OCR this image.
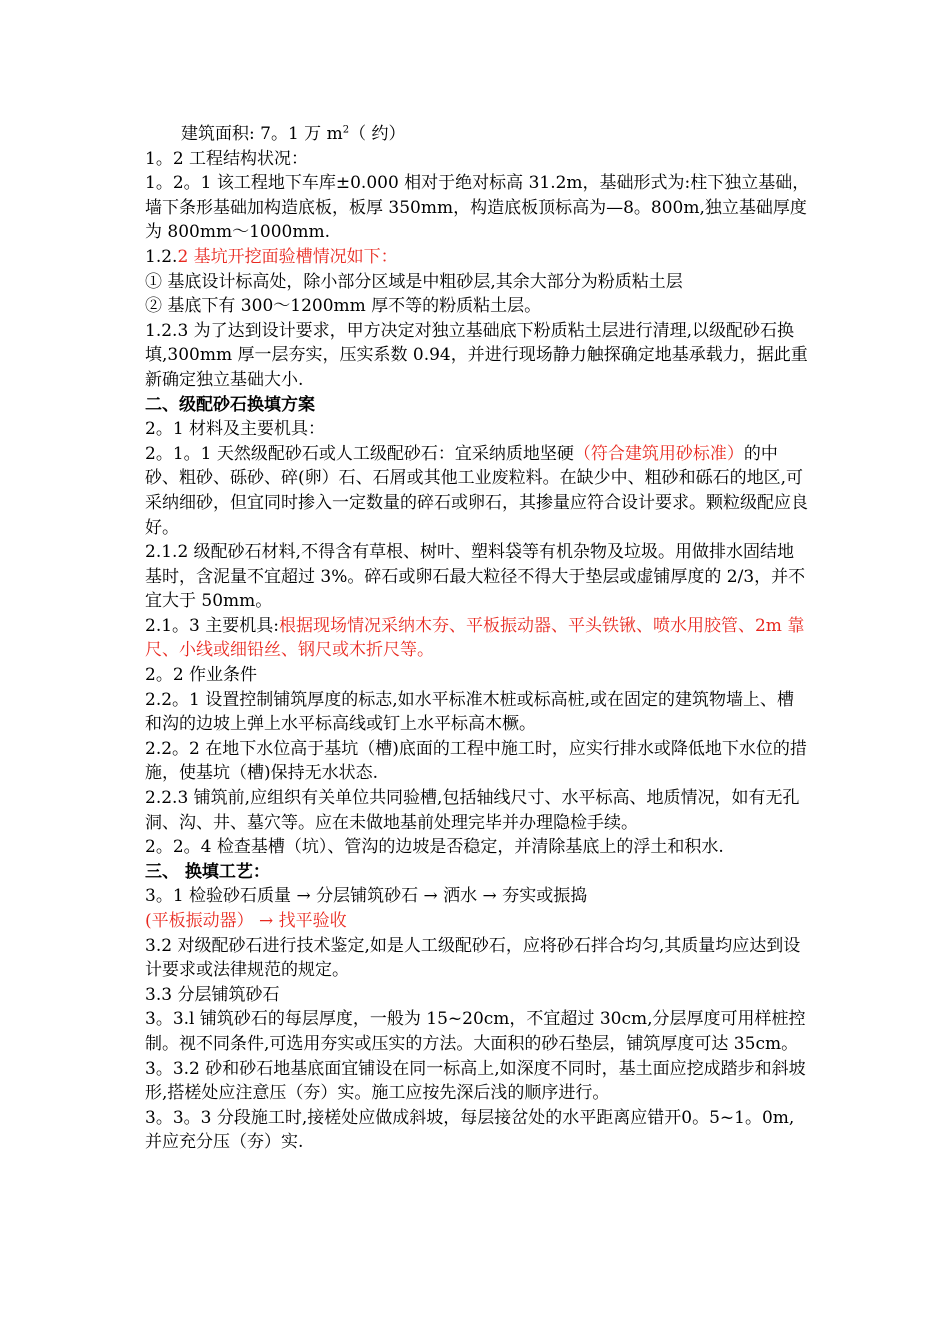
建筑面积: 7。1 万 $m^2$（ 约）

1。2 工程结构状况：

1。2。1 该工程地下车库±0.000 相对于绝对标高 31.2m，基础形式为:柱下独立基础，墙下条形基础加构造底板，板厚 350mm，构造底板顶标高为—8。800m,独立基础厚度为 800mm～1000mm.

1.2.2 基坑开挖面验槽情况如下：

① 基底设计标高处，除小部分区域是中粗砂层,其余大部分为粉质粘土层

② 基底下有 300～1200mm 厚不等的粉质粘土层。

1.2.3 为了达到设计要求，甲方决定对独立基础底下粉质粘土层进行清理,以级配砂石换填,300mm 厚一层夯实，压实系数 0.94，并进行现场静力触探确定地基承载力，据此重新确定独立基础大小.

二、级配砂石换填方案

2。1 材料及主要机具：

2。1。1 天然级配砂石或人工级配砂石：宜采纳质地坚硬（符合建筑用砂标准）的中砂、粗砂、砾砂、碎(卵）石、石屑或其他工业废粒料。在缺少中、粗砂和砾石的地区,可采纳细砂，但宜同时掺入一定数量的碎石或卵石，其掺量应符合设计要求。颗粒级配应良好。

2.1.2 级配砂石材料,不得含有草根、树叶、塑料袋等有机杂物及垃圾。用做排水固结地基时，含泥量不宜超过 3%。碎石或卵石最大粒径不得大于垫层或虚铺厚度的 2/3，并不宜大于 50mm。

2.1。3 主要机具:根据现场情况采纳木夯、平板振动器、平头铁锹、喷水用胶管、2m 靠尺、小线或细铅丝、钢尺或木折尺等。

2。2 作业条件

2.2。1 设置控制铺筑厚度的标志,如水平标准木桩或标高桩,或在固定的建筑物墙上、槽和沟的边坡上弹上水平标高线或钉上水平标高木橛。

2.2。2 在地下水位高于基坑（槽)底面的工程中施工时，应实行排水或降低地下水位的措施，使基坑（槽)保持无水状态.

2.2.3 铺筑前,应组织有关单位共同验槽,包括轴线尺寸、水平标高、地质情况，如有无孔洞、沟、井、墓穴等。应在未做地基前处理完毕并办理隐检手续。

2。2。4 检查基槽（坑）、管沟的边坡是否稳定，并清除基底上的浮土和积水.

三、 换填工艺：

3。1 检验砂石质量 → 分层铺筑砂石 → 洒水 → 夯实或振捣
(平板振动器） → 找平验收

3.2 对级配砂石进行技术鉴定,如是人工级配砂石，应将砂石拌合均匀,其质量均应达到设计要求或法律规范的规定。

3.3 分层铺筑砂石

3。3.l 铺筑砂石的每层厚度，一般为 15~20cm，不宜超过 30cm,分层厚度可用样桩控制。视不同条件,可选用夯实或压实的方法。大面积的砂石垫层，铺筑厚度可达 35cm。

3。3.2 砂和砂石地基底面宜铺设在同一标高上,如深度不同时，基土面应挖成踏步和斜坡形,搭槎处应注意压（夯）实。施工应按先深后浅的顺序进行。

3。3。3 分段施工时,接槎处应做成斜坡，每层接岔处的水平距离应错开0。5~1。0m,并应充分压（夯）实.
